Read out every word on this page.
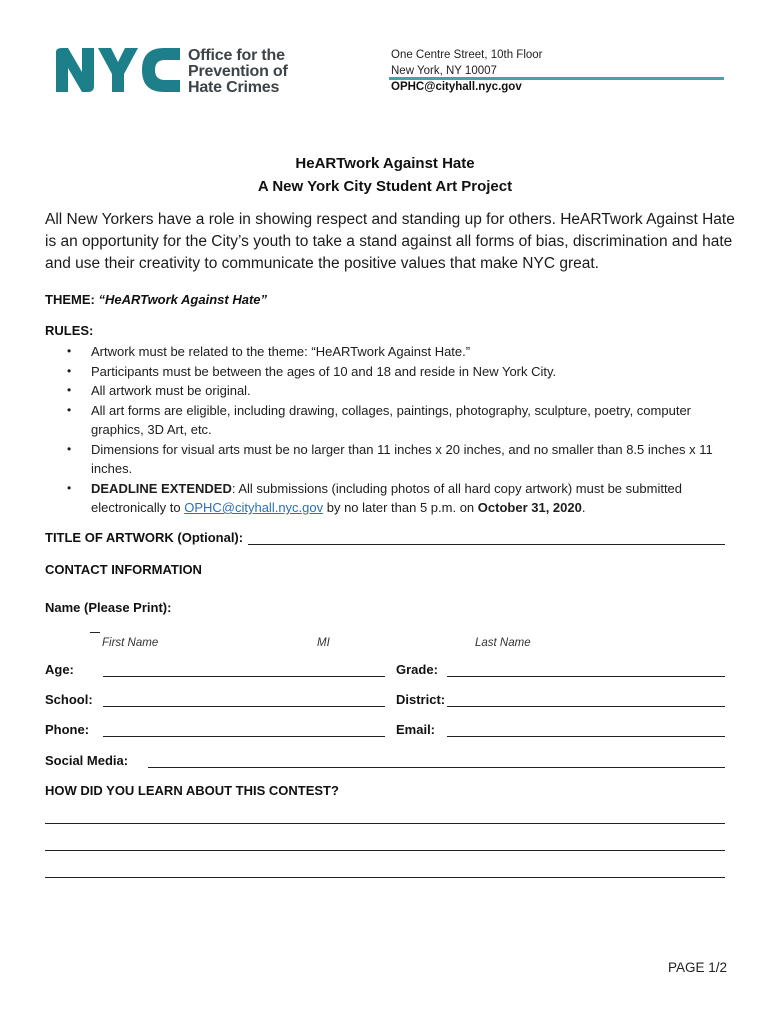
Office for the
Prevention of
Hate Crimes
One Centre Street, 10th Floor
New York, NY 10007
OPHC@cityhall.nyc.gov
HeARTwork Against Hate
A New York City Student Art Project
All New Yorkers have a role in showing respect and standing up for others. HeARTwork Against Hate is an opportunity for the City’s youth to take a stand against all forms of bias, discrimination and hate and use their creativity to communicate the positive values that make NYC great.
THEME: “HeARTwork Against Hate”
RULES:
• Artwork must be related to the theme: “HeARTwork Against Hate.”
• Participants must be between the ages of 10 and 18 and reside in New York City.
• All artwork must be original.
• All art forms are eligible, including drawing, collages, paintings, photography, sculpture, poetry, computer graphics, 3D Art, etc.
• Dimensions for visual arts must be no larger than 11 inches x 20 inches, and no smaller than 8.5 inches x 11 inches.
• DEADLINE EXTENDED: All submissions (including photos of all hard copy artwork) must be submitted electronically to OPHC@cityhall.nyc.gov by no later than 5 p.m. on October 31, 2020.
TITLE OF ARTWORK (Optional):
CONTACT INFORMATION
Name (Please Print):
First Name	MI	Last Name
Age:	Grade:
School:	District:
Phone:	Email:
Social Media:
HOW DID YOU LEARN ABOUT THIS CONTEST?
PAGE 1/2
